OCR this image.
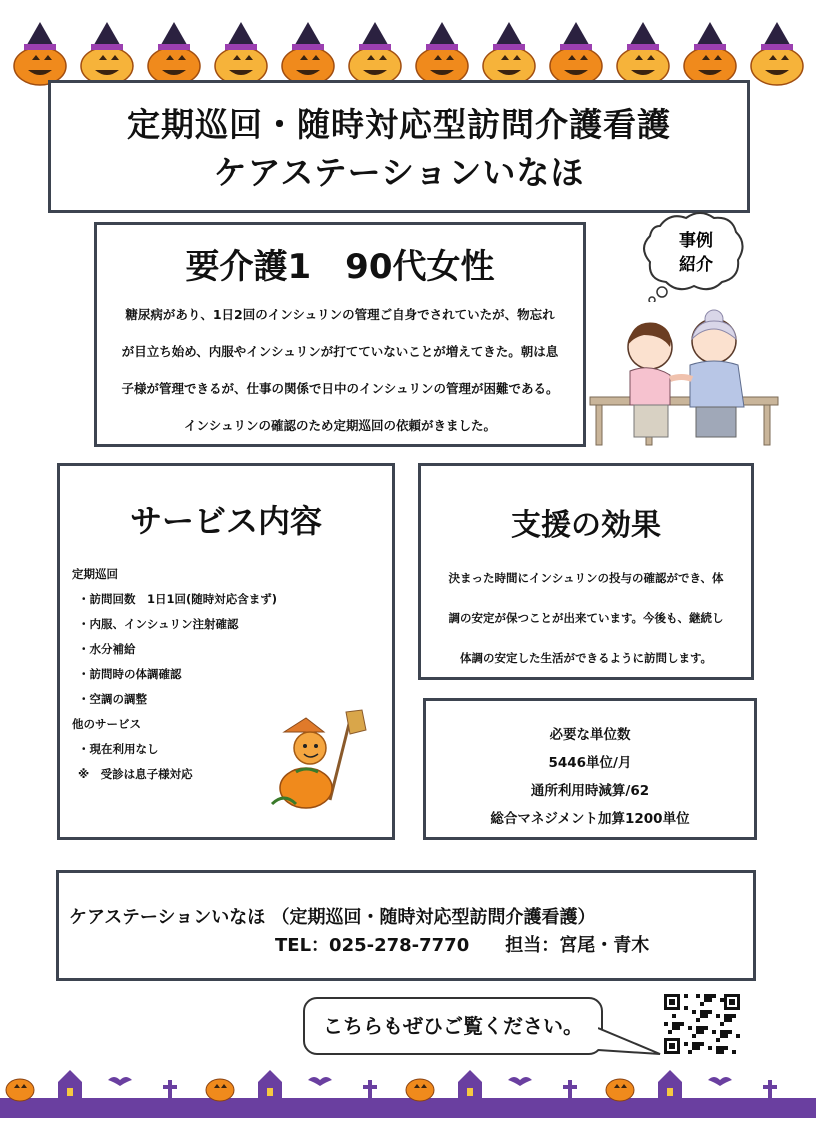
定期巡回・随時対応型訪問介護看護
ケアステーションいなほ
要介護1　90代女性

糖尿病があり、1日2回のインシュリンの管理ご自身でされていたが、物忘れ

が目立ち始め、内服やインシュリンが打てていないことが増えてきた。朝は息

子様が管理できるが、仕事の関係で日中のインシュリンの管理が困難である。

インシュリンの確認のため定期巡回の依頼がきました。

事例
紹介
サービス内容
定期巡回
・訪問回数　1日1回(随時対応含まず)
・内服、インシュリン注射確認
・水分補給
・訪問時の体調確認
・空調の調整
他のサービス
・現在利用なし
※　受診は息子様対応
支援の効果

決まった時間にインシュリンの投与の確認ができ、体

調の安定が保つことが出来ています。今後も、継続し

体調の安定した生活ができるように訪問します。

必要な単位数
5446単位/月
通所利用時減算/62
総合マネジメント加算1200単位
ケアステーションいなほ （定期巡回・随時対応型訪問介護看護）
TEL：025-278-7770　　担当：宮尾・青木
こちらもぜひご覧ください。
